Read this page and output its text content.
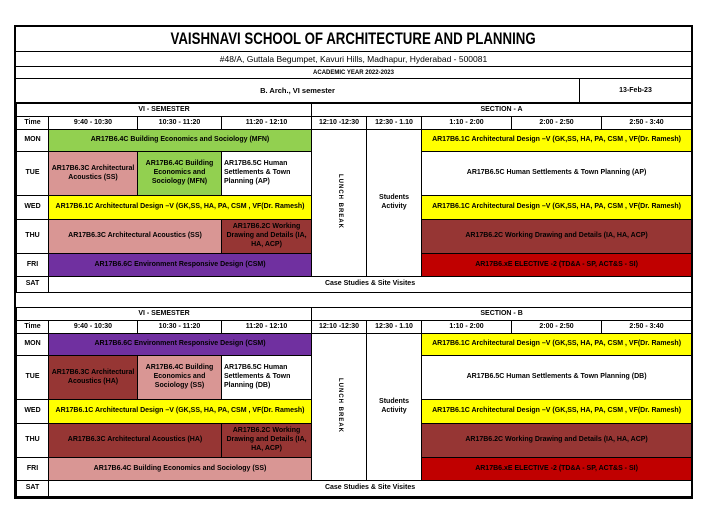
VAISHNAVI SCHOOL OF ARCHITECTURE AND PLANNING
#48/A, Guttala Begumpet, Kavuri Hills, Madhapur, Hyderabad - 500081
ACADEMIC YEAR 2022-2023
B. Arch., VI semester	13-Feb-23
VI - SEMESTER				SECTION - A				
Time	9:40 - 10:30	10:30 - 11:20	11:20 - 12:10	12:10 -12:30	12:30 - 1.10	1:10 - 2:00	2:00 - 2:50	2:50 - 3:40
MON	AR17B6.4C Building Economics and Sociology (MFN)			LUNCH BREAK	Students Activity	AR17B6.1C Architectural Design –V (GK,SS, HA, PA, CSM , VF(Dr. Ramesh)		
TUE	AR17B6.3C Architectural Acoustics (SS)	AR17B6.4C Building Economics and Sociology (MFN)	AR17B6.5C Human Settlements & Town Planning (AP)			AR17B6.5C Human Settlements & Town Planning (AP)		
WED	AR17B6.1C Architectural Design –V (GK,SS, HA, PA, CSM , VF(Dr. Ramesh)					AR17B6.1C Architectural Design –V (GK,SS, HA, PA, CSM , VF(Dr. Ramesh)		
THU	AR17B6.3C Architectural Acoustics (SS)		AR17B6.2C Working Drawing and Details (IA, HA, ACP)			AR17B6.2C Working Drawing and Details (IA, HA, ACP)		
FRI	AR17B6.6C Environment Responsive Design (CSM)					AR17B6.xE ELECTIVE -2 (TD&A - SP, ACT&S - SI)		
SAT	Case Studies & Site Visites							
VI - SEMESTER				SECTION - B				
Time	9:40 - 10:30	10:30 - 11:20	11:20 - 12:10	12:10 -12:30	12:30 - 1.10	1:10 - 2:00	2:00 - 2:50	2:50 - 3:40
MON	AR17B6.6C Environment Responsive Design (CSM)			LUNCH BREAK	Students Activity	AR17B6.1C Architectural Design –V (GK,SS, HA, PA, CSM , VF(Dr. Ramesh)		
TUE	AR17B6.3C Architectural Acoustics (HA)	AR17B6.4C Building Economics and Sociology (SS)	AR17B6.5C Human Settlements & Town Planning (DB)			AR17B6.5C Human Settlements & Town Planning (DB)		
WED	AR17B6.1C Architectural Design –V (GK,SS, HA, PA, CSM , VF(Dr. Ramesh)					AR17B6.1C Architectural Design –V (GK,SS, HA, PA, CSM , VF(Dr. Ramesh)		
THU	AR17B6.3C Architectural Acoustics (HA)		AR17B6.2C Working Drawing and Details (IA, HA, ACP)			AR17B6.2C Working Drawing and Details (IA, HA, ACP)		
FRI	AR17B6.4C Building Economics and Sociology (SS)					AR17B6.xE ELECTIVE -2 (TD&A - SP, ACT&S - SI)		
SAT	Case Studies & Site Visites							
